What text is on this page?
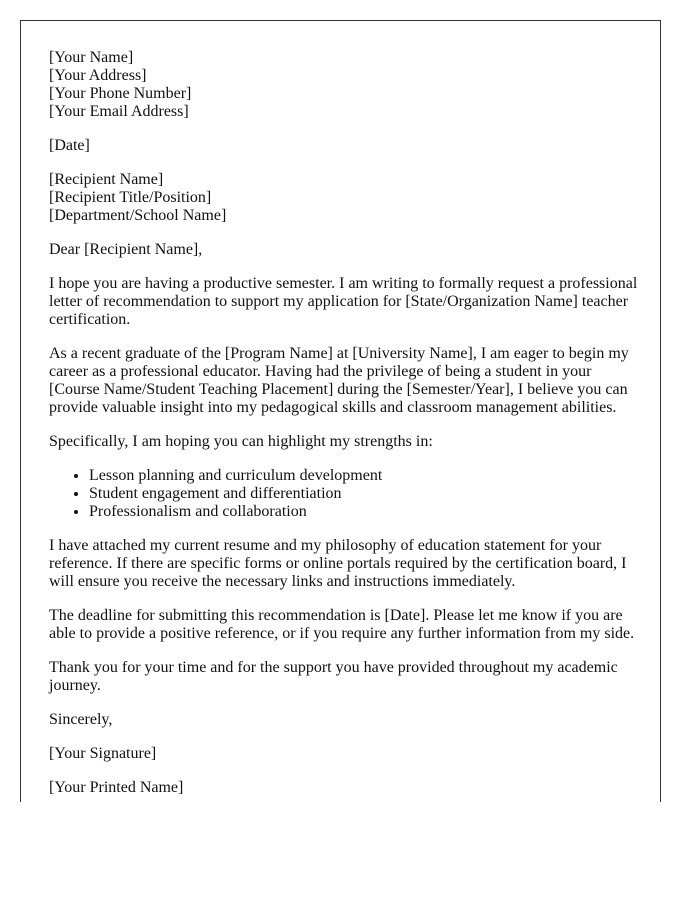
[Your Name]
[Your Address]
[Your Phone Number]
[Your Email Address]
[Date]
[Recipient Name]
[Recipient Title/Position]
[Department/School Name]

Dear [Recipient Name],

I hope you are having a productive semester. I am writing to formally request a professional letter of recommendation to support my application for [State/Organization Name] teacher certification.

As a recent graduate of the [Program Name] at [University Name], I am eager to begin my career as a professional educator. Having had the privilege of being a student in your [Course Name/Student Teaching Placement] during the [Semester/Year], I believe you can provide valuable insight into my pedagogical skills and classroom management abilities.

Specifically, I am hoping you can highlight my strengths in:

• Lesson planning and curriculum development
• Student engagement and differentiation
• Professionalism and collaboration

I have attached my current resume and my philosophy of education statement for your reference. If there are specific forms or online portals required by the certification board, I will ensure you receive the necessary links and instructions immediately.

The deadline for submitting this recommendation is [Date]. Please let me know if you are able to provide a positive reference, or if you require any further information from my side.

Thank you for your time and for the support you have provided throughout my academic journey.

Sincerely,

[Your Signature]

[Your Printed Name]
